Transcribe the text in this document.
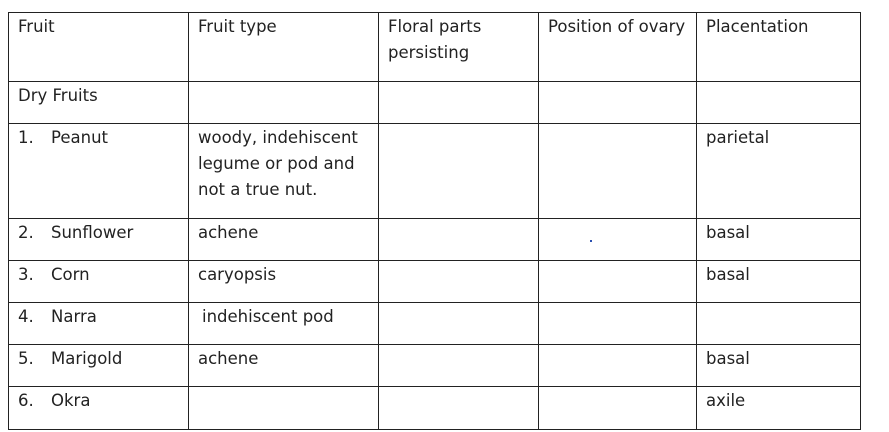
Fruit	Fruit type	Floral parts persisting	Position of ovary	Placentation
Dry Fruits				

1. Peanut	woody, indehiscent legume or pod and not a true nut.			parietal

2. Sunflower	achene			basal

3. Corn	caryopsis			basal

4. Narra	indehiscent pod			

5. Marigold	achene			basal

6. Okra				axile
